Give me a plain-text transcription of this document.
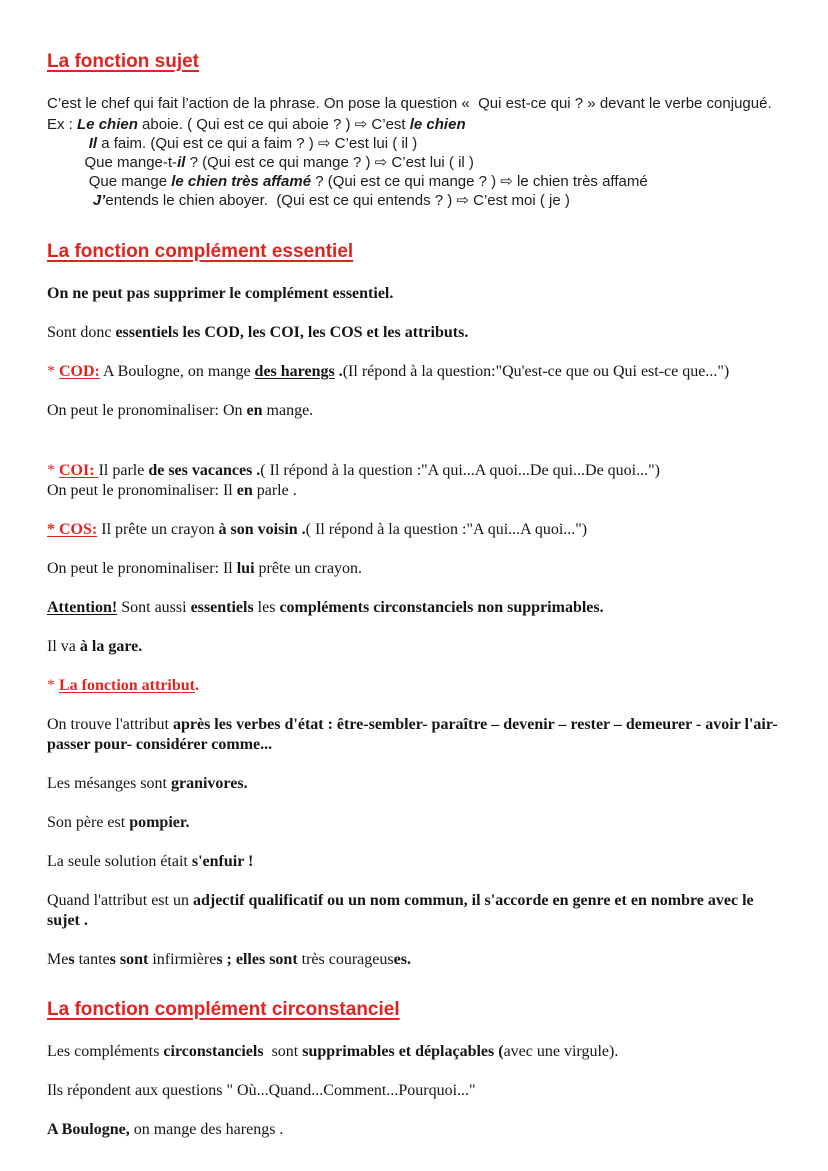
La fonction sujet

C’est le chef qui fait l’action de la phrase. On pose la question «  Qui est-ce qui ? » devant le verbe conjugué.

Ex : Le chien aboie. ( Qui est ce qui aboie ? ) ⇨ C’est le chien
Il a faim. (Qui est ce qui a faim ? ) ⇨ C’est lui ( il )
Que mange-t-il ? (Qui est ce qui mange ? ) ⇨ C’est lui ( il )
Que mange le chien très affamé ? (Qui est ce qui mange ? ) ⇨ le chien très affamé
J’entends le chien aboyer.  (Qui est ce qui entends ? ) ⇨ C’est moi ( je )

La fonction complément essentiel

On ne peut pas supprimer le complément essentiel.

Sont donc essentiels les COD, les COI, les COS et les attributs.

* COD: A Boulogne, on mange des harengs .(Il répond à la question:"Qu'est-ce que ou Qui est-ce que...")

On peut le pronominaliser: On en mange.

* COI: Il parle de ses vacances .( Il répond à la question :"A qui...A quoi...De qui...De quoi...")
On peut le pronominaliser: Il en parle .

* COS: Il prête un crayon à son voisin .( Il répond à la question :"A qui...A quoi...")

On peut le pronominaliser: Il lui prête un crayon.

Attention! Sont aussi essentiels les compléments circonstanciels non supprimables.

Il va à la gare.

* La fonction attribut.

On trouve l'attribut après les verbes d'état : être-sembler- paraître – devenir – rester – demeurer - avoir l'air-passer pour- considérer comme...

Les mésanges sont granivores.

Son père est pompier.

La seule solution était s'enfuir !

Quand l'attribut est un adjectif qualificatif ou un nom commun, il s'accorde en genre et en nombre avec le sujet .

Mes tantes sont infirmières ; elles sont très courageuses.

La fonction complément circonstanciel

Les compléments circonstanciels  sont supprimables et déplaçables (avec une virgule).

Ils répondent aux questions " Où...Quand...Comment...Pourquoi..."

A Boulogne, on mange des harengs .
